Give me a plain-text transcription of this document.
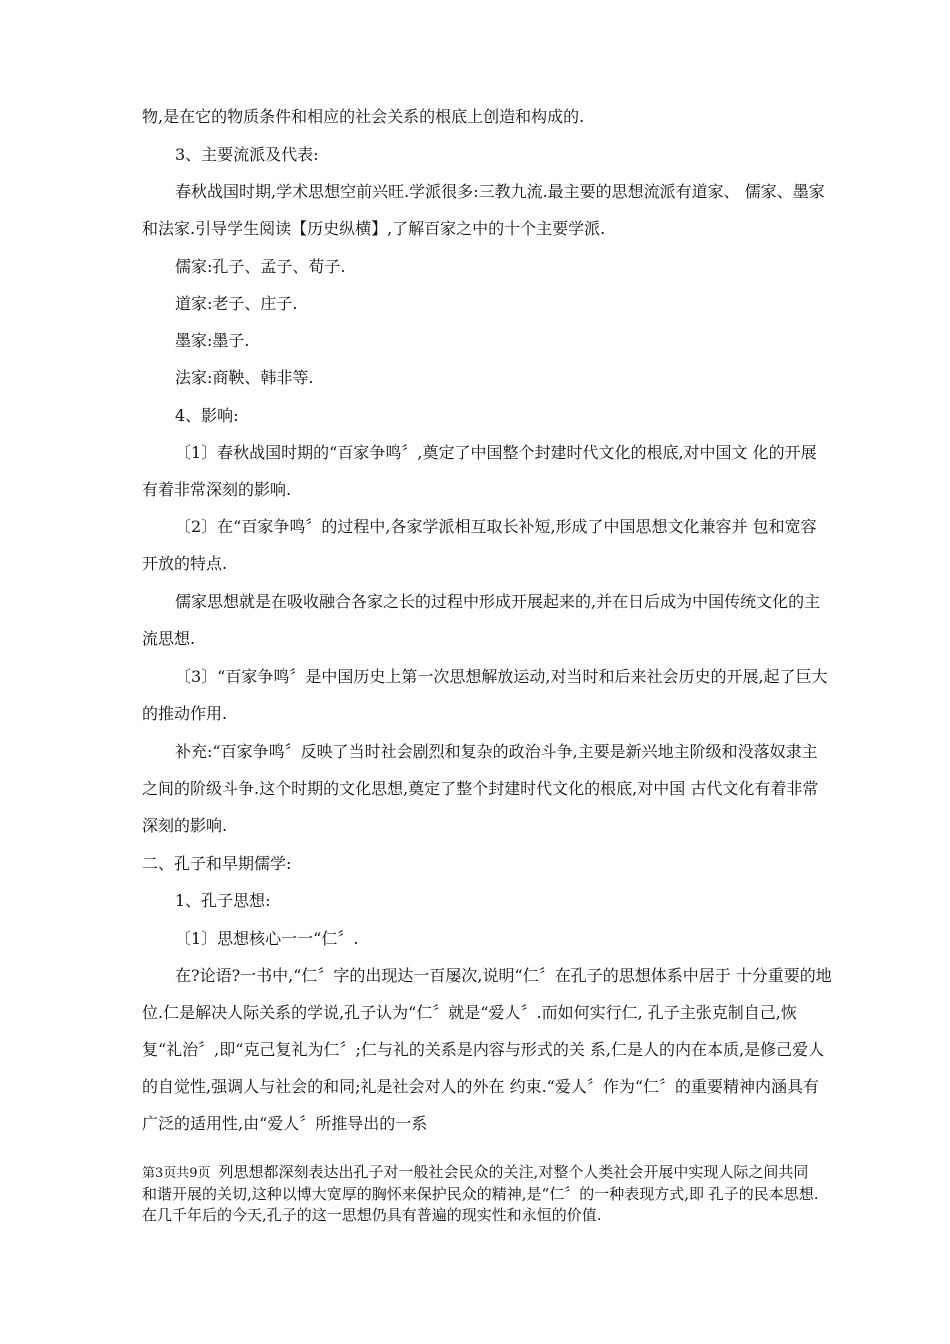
物,是在它的物质条件和相应的社会关系的根底上创造和构成的.

3、主要流派及代表:

春秋战国时期,学术思想空前兴旺.学派很多:三教九流.最主要的思想流派有道家、 儒家、墨家和法家.引导学生阅读【历史纵横】,了解百家之中的十个主要学派.

儒家:孔子、孟子、荀子.

道家:老子、庄子.

墨家:墨子.

法家:商鞅、韩非等.

4、影响:

〔1〕春秋战国时期的“百家争鸣〞,奠定了中国整个封建时代文化的根底,对中国文 化的开展有着非常深刻的影响.

〔2〕在“百家争鸣〞的过程中,各家学派相互取长补短,形成了中国思想文化兼容并 包和宽容开放的特点.

儒家思想就是在吸收融合各家之长的过程中形成开展起来的,并在日后成为中国传统文化的主流思想.

〔3〕“百家争鸣〞是中国历史上第一次思想解放运动,对当时和后来社会历史的开展,起了巨大的推动作用.

补充:“百家争鸣〞反映了当时社会剧烈和复杂的政治斗争,主要是新兴地主阶级和没落奴隶主之间的阶级斗争.这个时期的文化思想,奠定了整个封建时代文化的根底,对中国 古代文化有着非常深刻的影响.

二、孔子和早期儒学:

1、孔子思想:

〔1〕思想核心一一“仁〞.

在?论语?一书中,“仁〞字的出现达一百屡次,说明“仁〞在孔子的思想体系中居于 十分重要的地位.仁是解决人际关系的学说,孔子认为“仁〞就是“爱人〞.而如何实行仁, 孔子主张克制自己,恢复“礼治〞,即“克己复礼为仁〞;仁与礼的关系是内容与形式的关 系,仁是人的内在本质,是修己爱人的自觉性,强调人与社会的和同;礼是社会对人的外在 约束.“爱人〞作为“仁〞的重要精神内涵具有广泛的适用性,由“爱人〞所推导出的一系

第3页共9页 列思想都深刻表达出孔子对一般社会民众的关注,对整个人类社会开展中实现人际之间共同 和谐开展的关切,这种以博大宽厚的胸怀来保护民众的精神,是“仁〞的一种表现方式,即 孔子的民本思想.在几千年后的今天,孔子的这一思想仍具有普遍的现实性和永恒的价值.
